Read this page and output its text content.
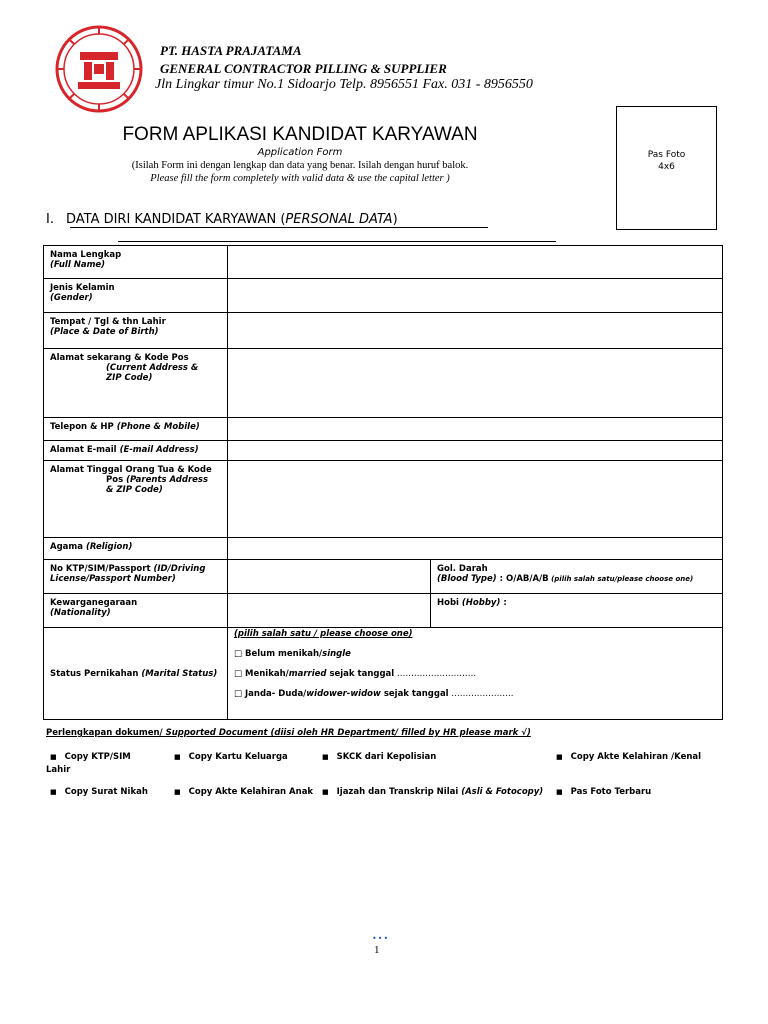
PT. HASTA PRAJATAMA
GENERAL CONTRACTOR PILLING & SUPPLIER
Jln Lingkar timur No.1 Sidoarjo Telp. 8956551 Fax. 031 - 8956550
FORM APLIKASI KANDIDAT KARYAWAN
Application Form
(Isilah Form ini dengan lengkap dan data yang benar. Isilah dengan huruf balok.
Please fill the form completely with valid data & use the capital letter )
Pas Foto
4x6
I. DATA DIRI KANDIDAT KARYAWAN (PERSONAL DATA)
Nama Lengkap
(Full Name)		

Jenis Kelamin
(Gender)		

Tempat / Tgl & thn Lahir
(Place & Date of Birth)		

Alamat sekarang & Kode Pos
(Current Address &
ZIP Code)		

Telepon & HP (Phone & Mobile)		
Alamat E-mail (E-mail Address)		

Alamat Tinggal Orang Tua & Kode
Pos (Parents Address
& ZIP Code)		

Agama (Religion)		
No KTP/SIM/Passport (ID/Driving License/Passport Number)		Gol. Darah
(Blood Type) : O/AB/A/B (pilih salah satu/please choose one)

Kewarganegaraan
(Nationality)		Hobi (Hobby) :
Status Pernikahan (Marital Status)	(pilih salah satu / please choose one)
□ Belum menikah/single
□ Menikah/married sejak tanggal ……………………….
□ Janda- Duda/widower-widow sejak tanggal ………………….	
Perlengkapan dokumen/ Supported Document (diisi oleh HR Department/ filled by HR please mark √)
■ Copy KTP/SIM	■ Copy Kartu Keluarga	■ SKCK dari Kepolisian	■ Copy Akte Kelahiran /Kenal
Lahir
■ Copy Surat Nikah	■ Copy Akte Kelahiran Anak ■ Ijazah dan Transkrip Nilai (Asli & Fotocopy) ■ Pas Foto Terbaru
•••
1
